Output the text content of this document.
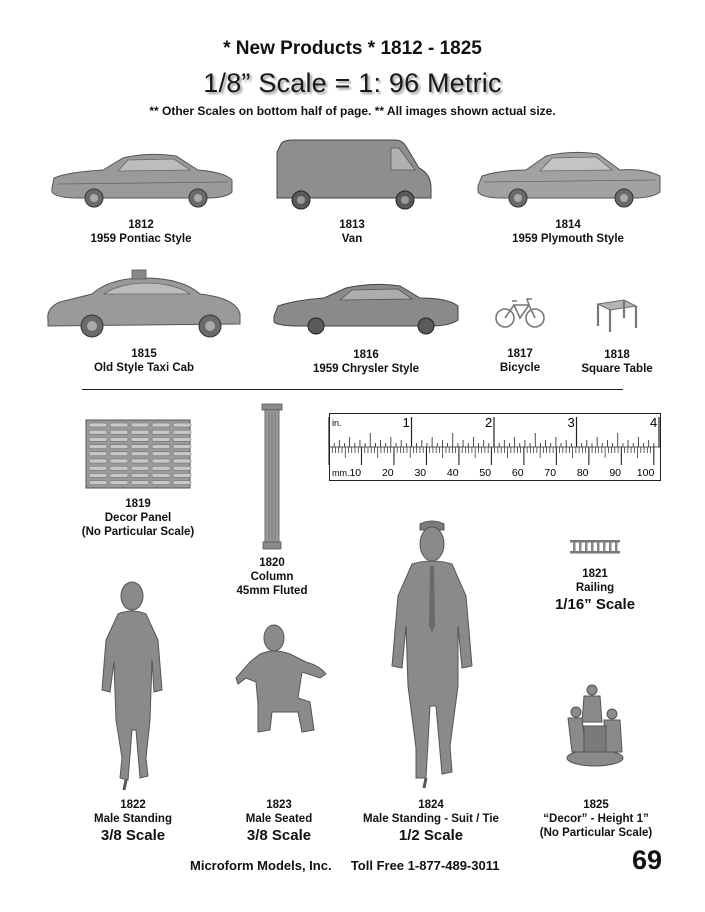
* New Products * 1812 - 1825
1/8” Scale = 1: 96 Metric
** Other Scales on bottom half of page. ** All images shown actual size.
1812
1959 Pontiac Style
1813
Van
1814
1959 Plymouth Style
1815
Old Style Taxi Cab
1816
1959 Chrysler Style
1817
Bicycle
1818
Square Table
1819
Decor Panel
(No Particular Scale)
1820
Column
45mm Fluted
in.
mm.
1	2	3	4
10 20 30 40 50 60 70 80 90 100
1821
Railing
1/16” Scale
1822
Male Standing
3/8 Scale
1823
Male Seated
3/8 Scale
1824
Male Standing - Suit / Tie
1/2 Scale
1825
“Decor” - Height 1”
(No Particular Scale)
Microform Models, Inc. Toll Free 1-877-489-3011	69
